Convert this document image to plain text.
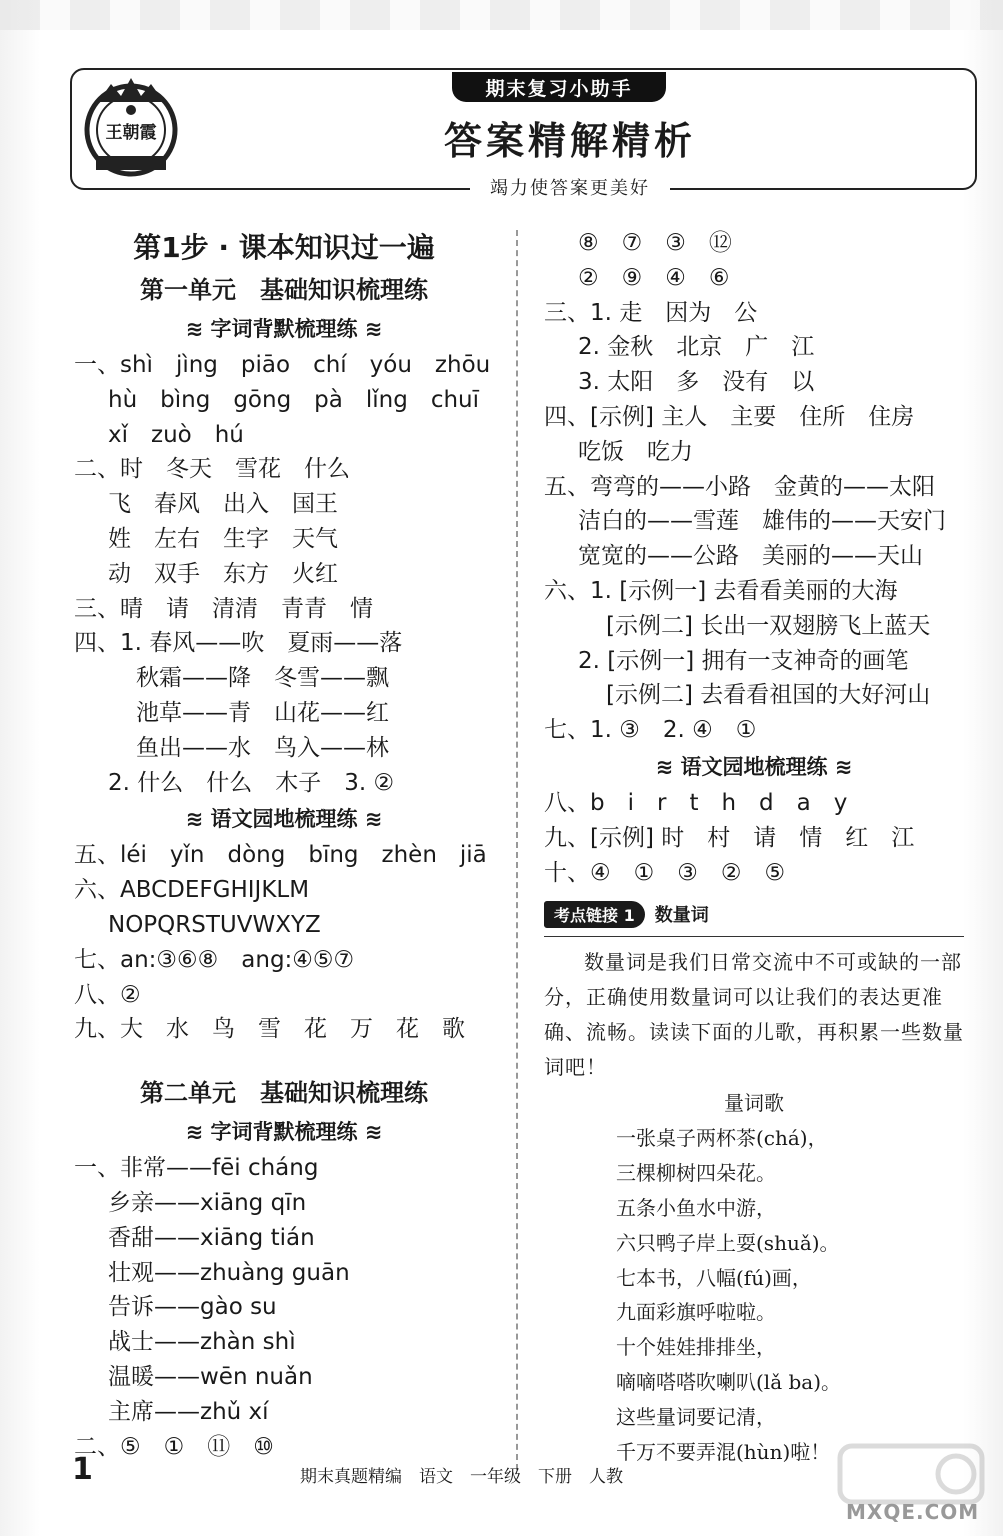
王朝霞
期末复习小助手
答案精解精析
竭力使答案更美好
第1步 · 课本知识过一遍
第一单元　基础知识梳理练
≋ 字词背默梳理练 ≋
一、shì　jìng　piāo　chí　yóu　zhōu
hù　bìng　gōng　pà　lǐng　chuī
xǐ　zuò　hú
二、时　冬天　雪花　什么
飞　春风　出入　国王
姓　左右　生字　天气
动　双手　东方　火红
三、晴　请　清清　青青　情
四、1. 春风——吹　夏雨——落
秋霜——降　冬雪——飘
池草——青　山花——红
鱼出——水　鸟入——林
2. 什么　什么　木子　3. ②
≋ 语文园地梳理练 ≋
五、léi　yǐn　dòng　bīng　zhèn　jiā
六、ABCDEFGHIJKLM
NOPQRSTUVWXYZ
七、an:③⑥⑧　ang:④⑤⑦
八、②
九、大　水　鸟　雪　花　万　花　歌
第二单元　基础知识梳理练
≋ 字词背默梳理练 ≋
一、非常——fēi cháng
乡亲——xiāng qīn
香甜——xiāng tián
壮观——zhuàng guān
告诉——gào su
战士——zhàn shì
温暖——wēn nuǎn
主席——zhǔ xí
二、⑤　①　⑪　⑩
⑧　⑦　③　⑫
②　⑨　④　⑥
三、1. 走　因为　公
2. 金秋　北京　广　江
3. 太阳　多　没有　以
四、[示例] 主人　主要　住所　住房
吃饭　吃力
五、弯弯的——小路　金黄的——太阳
洁白的——雪莲　雄伟的——天安门
宽宽的——公路　美丽的——天山
六、1. [示例一] 去看看美丽的大海
[示例二] 长出一双翅膀飞上蓝天
2. [示例一] 拥有一支神奇的画笔
[示例二] 去看看祖国的大好河山
七、1. ③　2. ④　①
≋ 语文园地梳理练 ≋
八、b　i　r　t　h　d　a　y
九、[示例] 时　村　请　情　红　江
十、④　①　③　②　⑤
考点链接 1	数量词
数量词是我们日常交流中不可或缺的一部分，正确使用数量词可以让我们的表达更准确、流畅。读读下面的儿歌，再积累一些数量词吧！
量词歌
一张桌子两杯茶(chá)，
三棵柳树四朵花。
五条小鱼水中游，
六只鸭子岸上耍(shuǎ)。
七本书，八幅(fú)画，
九面彩旗呼啦啦。
十个娃娃排排坐，
嘀嘀嗒嗒吹喇叭(lǎ ba)。
这些量词要记清，
千万不要弄混(hùn)啦！
1	期末真题精编　语文　一年级　下册　人教
MXQE.COM
